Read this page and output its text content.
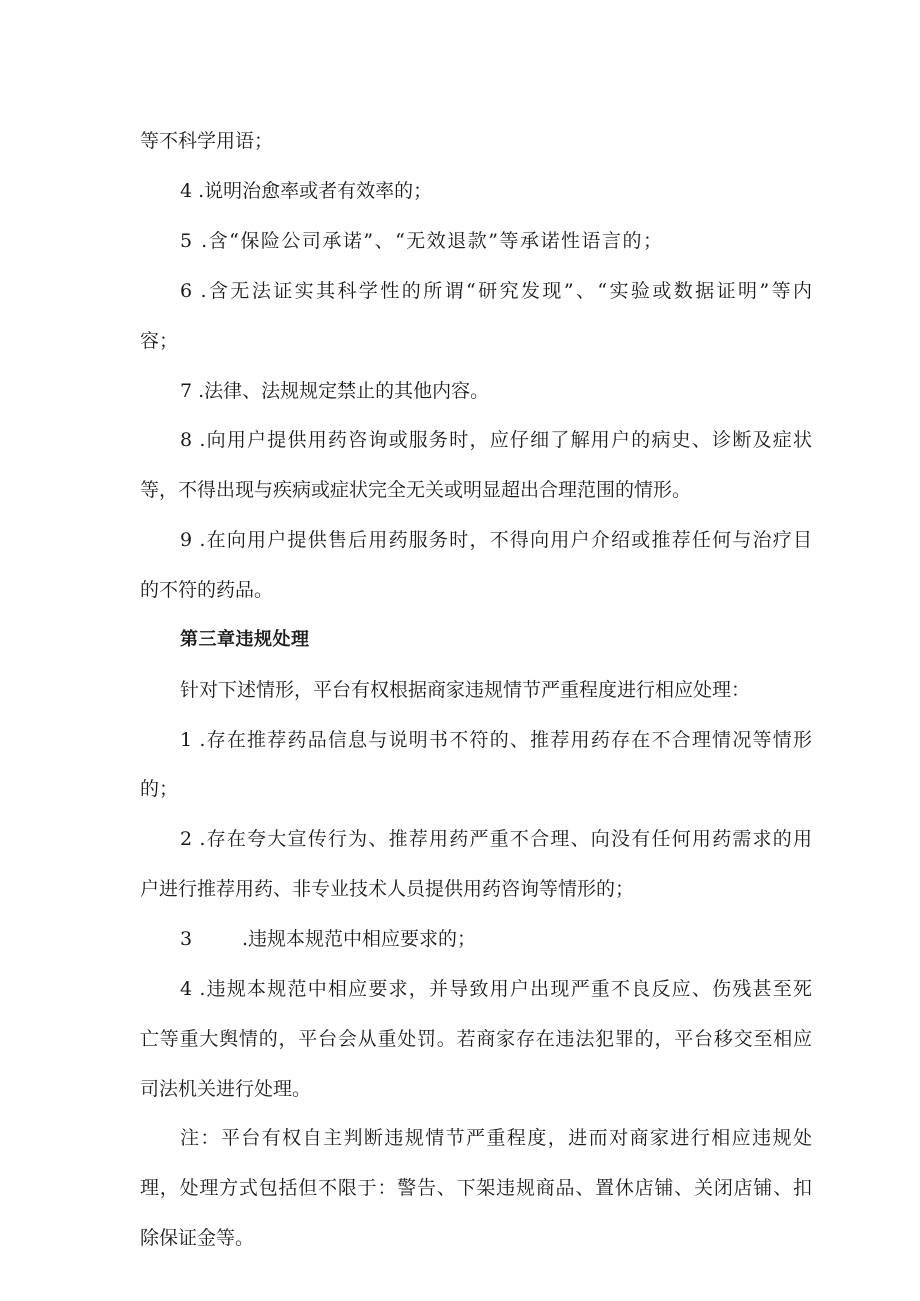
等不科学用语；
4 .说明治愈率或者有效率的；
5 .含“保险公司承诺”、“无效退款”等承诺性语言的；
6 .含无法证实其科学性的所谓“研究发现”、“实验或数据证明”等内
容；
7 .法律、法规规定禁止的其他内容。
8 .向用户提供用药咨询或服务时，应仔细了解用户的病史、诊断及症状
等，不得出现与疾病或症状完全无关或明显超出合理范围的情形。
9 .在向用户提供售后用药服务时，不得向用户介绍或推荐任何与治疗目
的不符的药品。
第三章违规处理
针对下述情形，平台有权根据商家违规情节严重程度进行相应处理：
1 .存在推荐药品信息与说明书不符的、推荐用药存在不合理情况等情形
的；
2 .存在夸大宣传行为、推荐用药严重不合理、向没有任何用药需求的用
户进行推荐用药、非专业技术人员提供用药咨询等情形的；
3	.违规本规范中相应要求的；
4 .违规本规范中相应要求，并导致用户出现严重不良反应、伤残甚至死
亡等重大舆情的，平台会从重处罚。若商家存在违法犯罪的，平台移交至相应
司法机关进行处理。
注：平台有权自主判断违规情节严重程度，进而对商家进行相应违规处
理，处理方式包括但不限于：警告、下架违规商品、置休店铺、关闭店铺、扣
除保证金等。
